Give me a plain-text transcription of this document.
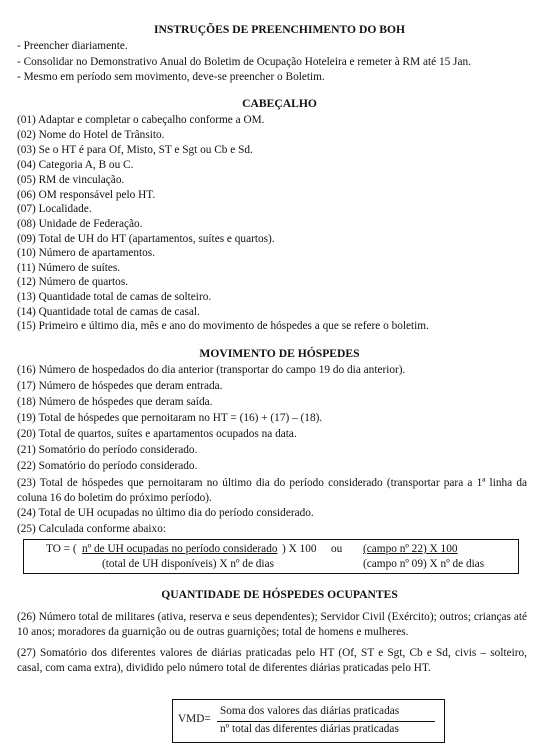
INSTRUÇÕES DE PREENCHIMENTO DO BOH
- Preencher diariamente.
- Consolidar no Demonstrativo Anual do Boletim de Ocupação Hoteleira e remeter à RM até 15 Jan.
- Mesmo em período sem movimento, deve-se preencher o Boletim.
CABEÇALHO
(01) Adaptar e completar o cabeçalho conforme a OM.
(02) Nome do Hotel de Trânsito.
(03) Se o HT é para Of, Misto, ST e Sgt ou Cb e Sd.
(04) Categoria A, B ou C.
(05) RM de vinculação.
(06) OM responsável pelo HT.
(07) Localidade.
(08) Unidade de Federação.
(09) Total de UH do HT (apartamentos, suítes e quartos).
(10) Número de apartamentos.
(11) Número de suítes.
(12) Número de quartos.
(13) Quantidade total de camas de solteiro.
(14) Quantidade total de camas de casal.
(15) Primeiro e último dia, mês e ano do movimento de hóspedes a que se refere o boletim.
MOVIMENTO DE HÓSPEDES
(16) Número de hospedados do dia anterior (transportar do campo 19 do dia anterior).
(17) Número de hóspedes que deram entrada.
(18) Número de hóspedes que deram saída.
(19) Total de hóspedes que pernoitaram no HT = (16) + (17) – (18).
(20) Total de quartos, suítes e apartamentos ocupados na data.
(21) Somatório do período considerado.
(22) Somatório do período considerado.
(23) Total de hóspedes que pernoitaram no último dia do período considerado (transportar para a 1ª linha da coluna 16 do boletim do próximo período).
(24) Total de UH ocupadas no último dia do período considerado.
(25) Calculada conforme abaixo:
TO = ( nº de UH ocupadas no período considerado ) X 100 ou (campo nº 22) X 100
(total de UH disponíveis) X nº de dias	(campo nº 09) X nº de dias
QUANTIDADE DE HÓSPEDES OCUPANTES
(26) Número total de militares (ativa, reserva e seus dependentes); Servidor Civil (Exército); outros; crianças até 10 anos; moradores da guarnição ou de outras guarnições; total de homens e mulheres.
(27) Somatório dos diferentes valores de diárias praticadas pelo HT (Of, ST e Sgt, Cb e Sd, civis – solteiro, casal, com cama extra), dividido pelo número total de diferentes diárias praticadas pelo HT.
VMD=
Soma dos valores das diárias praticadas
nº total das diferentes diárias praticadas
